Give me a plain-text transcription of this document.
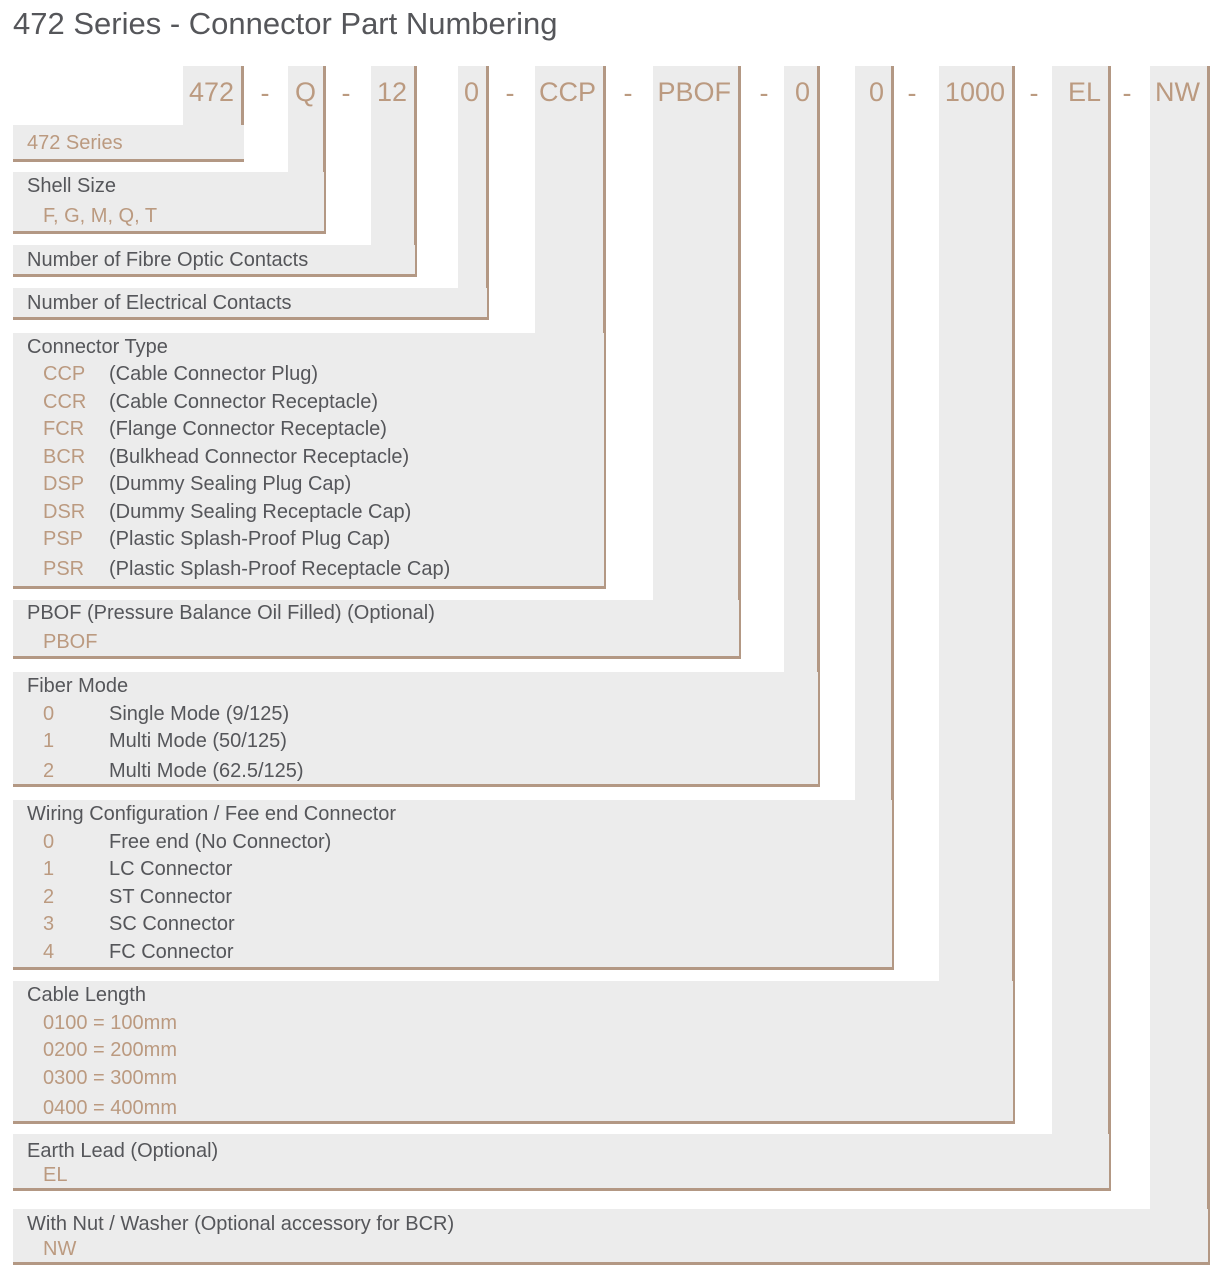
472 Series - Connector Part Numbering
472 Q 12 0 CCP PBOF 0 0 1000 EL NW
-	-	-	-	-	-	-	-
472 Series
Shell Size
F, G, M, Q, T
Number of Fibre Optic Contacts
Number of Electrical Contacts
Connector Type
CCP (Cable Connector Plug)
CCR (Cable Connector Receptacle)
FCR (Flange Connector Receptacle)
BCR (Bulkhead Connector Receptacle)
DSP (Dummy Sealing Plug Cap)
DSR (Dummy Sealing Receptacle Cap)
PSP (Plastic Splash-Proof Plug Cap)
PSR (Plastic Splash-Proof Receptacle Cap)
PBOF (Pressure Balance Oil Filled) (Optional)
PBOF
Fiber Mode
0	Single Mode (9/125)
1	Multi Mode (50/125)
2	Multi Mode (62.5/125)
Wiring Configuration / Fee end Connector
0	Free end (No Connector)
1	LC Connector
2	ST Connector
3	SC Connector
4	FC Connector
Cable Length
0100 = 100mm
0200 = 200mm
0300 = 300mm
0400 = 400mm
Earth Lead (Optional)
EL
With Nut / Washer (Optional accessory for BCR)
NW
